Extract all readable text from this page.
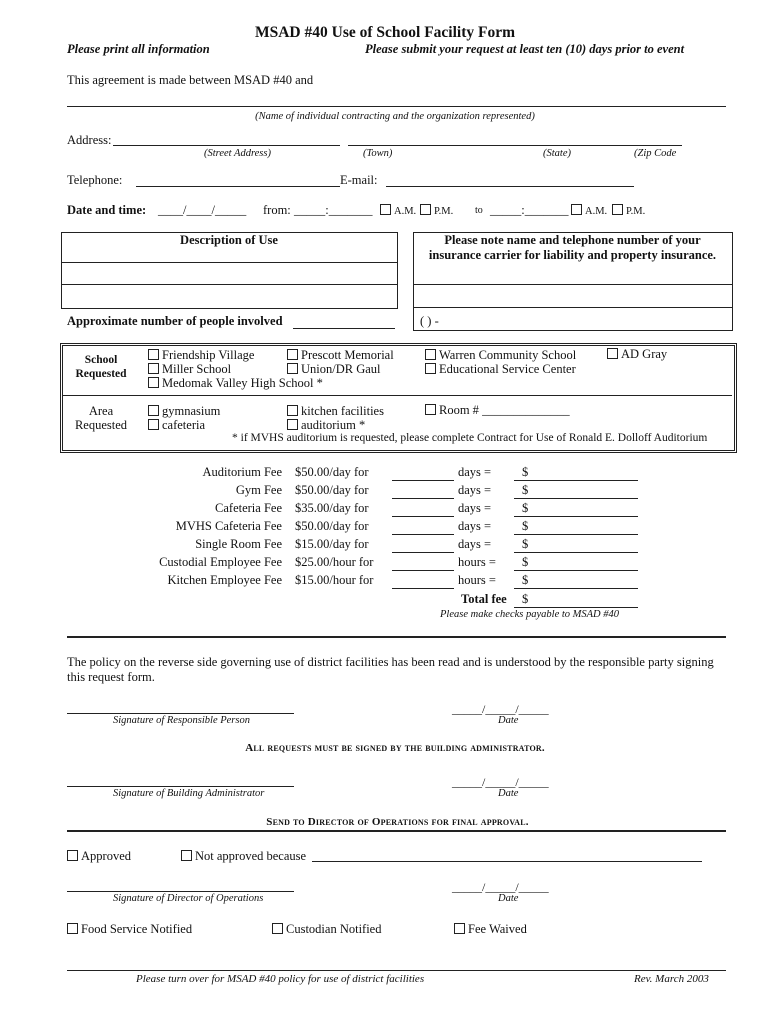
MSAD #40 Use of School Facility Form
Please print all information	Please submit your request at least ten (10) days prior to event
This agreement is made between MSAD #40 and
(Name of individual contracting and the organization represented)
Address:
(Street Address)	(Town)	(State)	(Zip Code
Telephone:	E-mail:
Date and time: ____/____/_____ from: _____:_______	A.M.	P.M. to _____:_______	A.M.	P.M.
Description of Use	Please note name and telephone number of your
insurance carrier for liability and property insurance.
( ) -
Approximate number of people involved
School
Requested
Friendship Village	Prescott Memorial	Warren Community School	AD Gray
Miller School	Union/DR Gaul	Educational Service Center
Medomak Valley High School *
Area
Requested
gymnasium	kitchen facilities	Room # ______________
cafeteria	auditorium *
* if MVHS auditorium is requested, please complete Contract for Use of Ronald E. Dolloff Auditorium
Auditorium Fee $50.00/day for	days = $
Gym Fee $50.00/day for	days = $
Cafeteria Fee $35.00/day for	days = $
MVHS Cafeteria Fee $50.00/day for	days = $
Single Room Fee $15.00/day for	days = $
Custodial Employee Fee $25.00/hour for	hours = $
Kitchen Employee Fee $15.00/hour for	hours = $
Total fee $
Please make checks payable to MSAD #40
The policy on the reverse side governing use of district facilities has been read and is understood by the responsible party signing
this request form.
Signature of Responsible Person
_____/_____/_____
Date
All requests must be signed by the building administrator.
Signature of Building Administrator
_____/_____/_____
Date
Send to Director of Operations for final approval.
Approved	Not approved because
Signature of Director of Operations
_____/_____/_____
Date
Food Service Notified	Custodian Notified	Fee Waived
Please turn over for MSAD #40 policy for use of district facilities	Rev. March 2003
